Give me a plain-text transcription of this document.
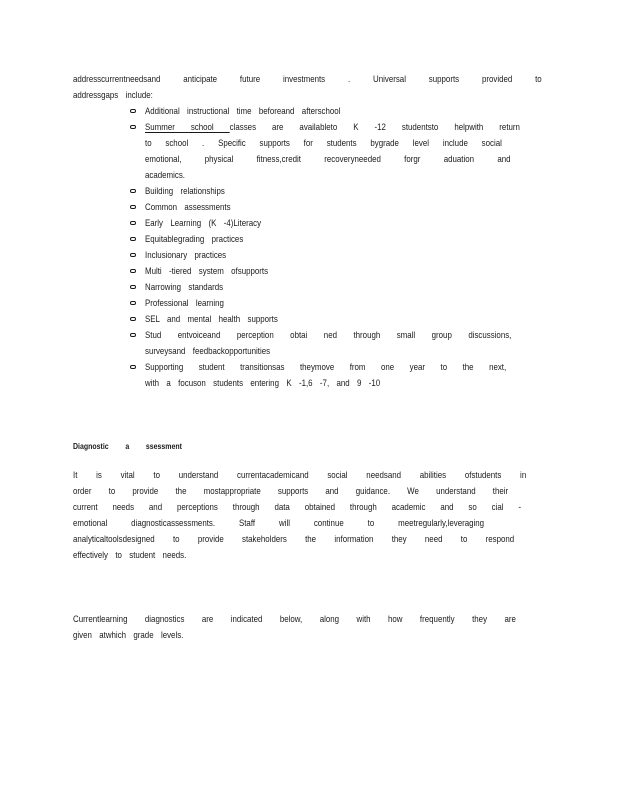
addresscurrentneedsand anticipate future investments . Universal supports provided to
addressgaps include:
Additional instructional time beforeand afterschool
Summer school classes are availableto K -12 studentsto helpwith return
to school . Specific supports for students bygrade level include social
emotional, physical fitness,credit recoveryneeded forgr aduation and
academics.
Building relationships
Common assessments
Early Learning (K -4)Literacy
Equitablegrading practices
Inclusionary practices
Multi -tiered system ofsupports
Narrowing standards
Professional learning
SEL and mental health supports
Stud entvoiceand perception obtai ned through small group discussions,
surveysand feedbackopportunities
Supporting student transitionsas theymove from one year to the next,
with a focuson students entering K -1,6 -7, and 9 -10
Diagnostic a ssessment
It is vital to understand currentacademicand social needsand abilities ofstudents in
order to provide the mostappropriate supports and guidance. We understand their
current needs and perceptions through data obtained through academic and so cial -
emotional diagnosticassessments. Staff will continue to meetregularly,leveraging
analyticaltoolsdesigned to provide stakeholders the information they need to respond
effectively to student needs.
Currentlearning diagnostics are indicated below, along with how frequently they are
given atwhich grade levels.
